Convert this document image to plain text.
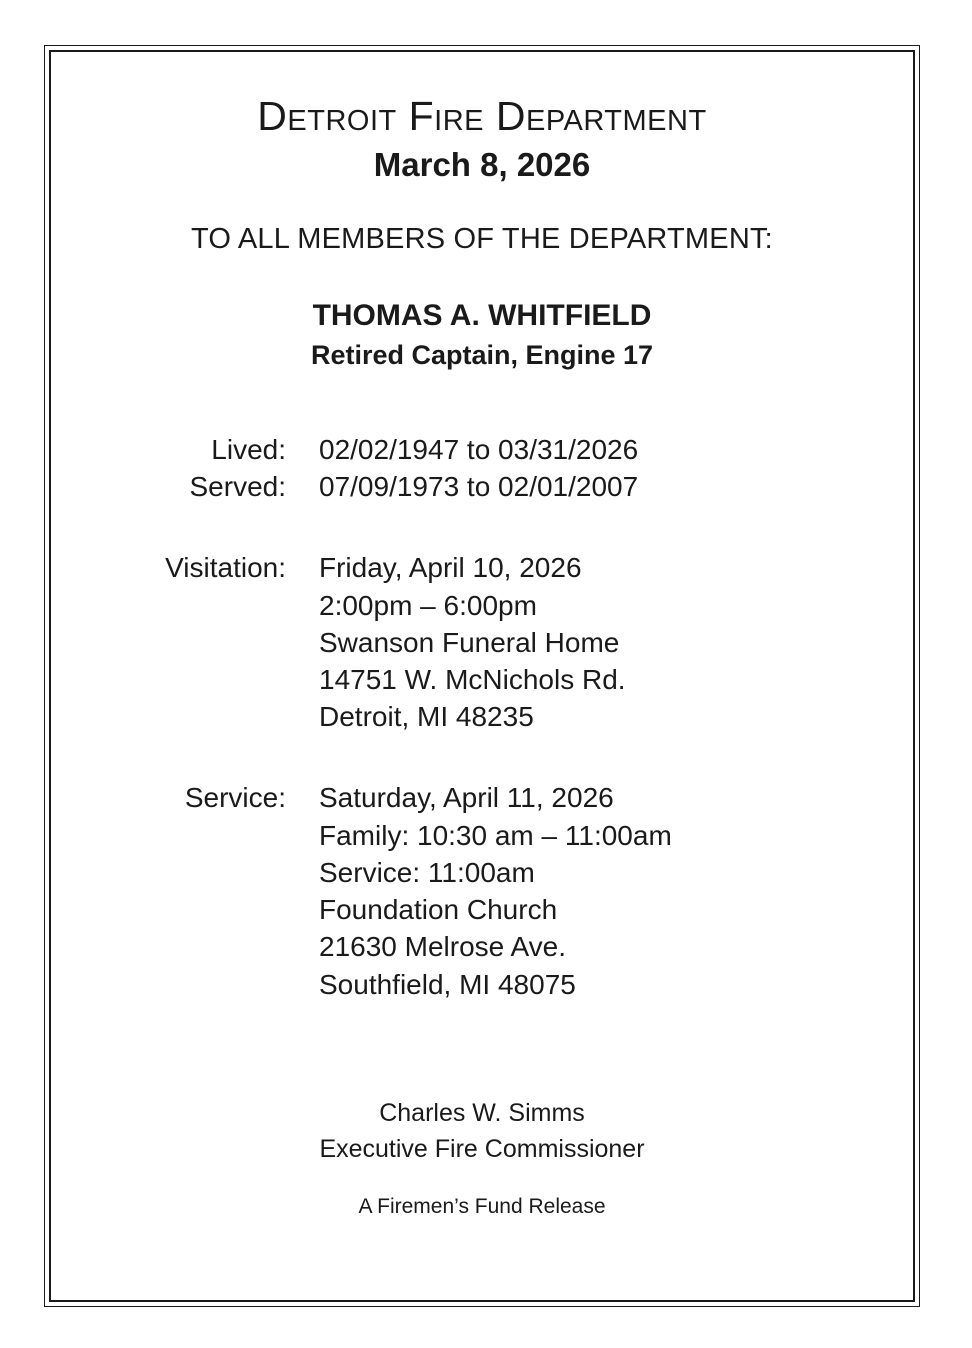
Detroit Fire Department
March 8, 2026
TO ALL MEMBERS OF THE DEPARTMENT:
THOMAS A. WHITFIELD
Retired Captain, Engine 17
Lived:	02/02/1947 to 03/31/2026
Served:	07/09/1973 to 02/01/2007
Visitation:	Friday, April 10, 2026
2:00pm – 6:00pm
Swanson Funeral Home
14751 W. McNichols Rd.
Detroit, MI 48235
Service:	Saturday, April 11, 2026
Family: 10:30 am – 11:00am
Service: 11:00am
Foundation Church
21630 Melrose Ave.
Southfield, MI 48075
Charles W. Simms
Executive Fire Commissioner
A Firemen’s Fund Release
